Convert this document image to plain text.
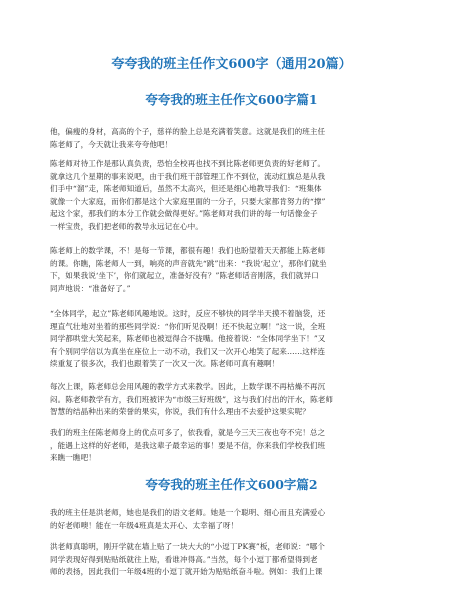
夸夸我的班主任作文600字（通用20篇）
夸夸我的班主任作文600字篇1
他，偏瘦的身材，高高的个子，慈祥的脸上总是充满着笑意。这就是我们的班主任
陈老师了，今天就让我来夸夸他吧！
陈老师对待工作是那认真负责，恐怕全校再也找不到比陈老师更负责的好老师了。
就拿这几个星期的事来说吧，由于我们班干部管理工作不到位，流动红旗总是从我
们手中“溜”走，陈老师知道后，虽然不太高兴，但还是细心地教导我们：“班集体
就像一个大家庭，而你们都是这个大家庭里面的一分子，只要大家都肯努力的“撑”
起这个家，那我们的本分工作就会做得更好。”陈老师对我们讲的每一句话像金子
一样宝贵，我们把老师的教导永远记在心中。
陈老师上的数学课，不！是每一节课，都很有趣！我们也盼望着天天都能上陈老师
的课。你瞧，陈老师人一到，响亮的声音就先“跳”出来：“我说‘起立’，那你们就坐
下，如果我说‘坐下’，你们就起立，准备好没有？”陈老师话音刚落，我们就异口
同声地说：“准备好了。”
“全体同学，起立”陈老师风趣地说。这时，反应不够快的同学半天摸不着脑袋，还
理直气壮地对坐着的那些同学说：“你们听见没啊！还不快起立啊！”这一说，全班
同学都哄堂大笑起来，陈老师也被逗得合不拢嘴。他接着说：“全体同学坐下！”又
有个别同学信以为真坐在座位上一动不动，我们又一次开心地笑了起来……这样连
续重复了很多次，我们也跟着笑了一次又一次。陈老师可真有趣啊！
每次上课，陈老师总会用风趣的教学方式来教学。因此，上数学课不再枯燥不再沉
闷。陈老师教学有方，我们班被评为“市级三好班级”，这与我们付出的汗水，陈老师
智慧的结晶种出来的荣誉的果实，你说，我们有什么理由不去爱护这果实呢？
我们的班主任陈老师身上的优点可多了，依我看，就是今三天三夜也夸不完！总之
，能遇上这样的好老师，是我这辈子最幸运的事！要是不信，你来我们学校我们班
来瞧一瞧吧！
夸夸我的班主任作文600字篇2
我的班主任是洪老师，她也是我们的语文老师。她是一个聪明、细心而且充满爱心
的好老师噢！能在一年级4班真是太开心、太幸福了呀！
洪老师真聪明，刚开学就在墙上贴了一块大大的“小逗丁PK赛”板，老师说：“哪个
同学表现好得到贴贴纸就往上贴，看谁冲得高。”当然，每个小逗丁都希望得到老
师的表扬，因此我们一年级4班的小逗丁就开始为贴贴纸奋斗啦。例如：我们上课
